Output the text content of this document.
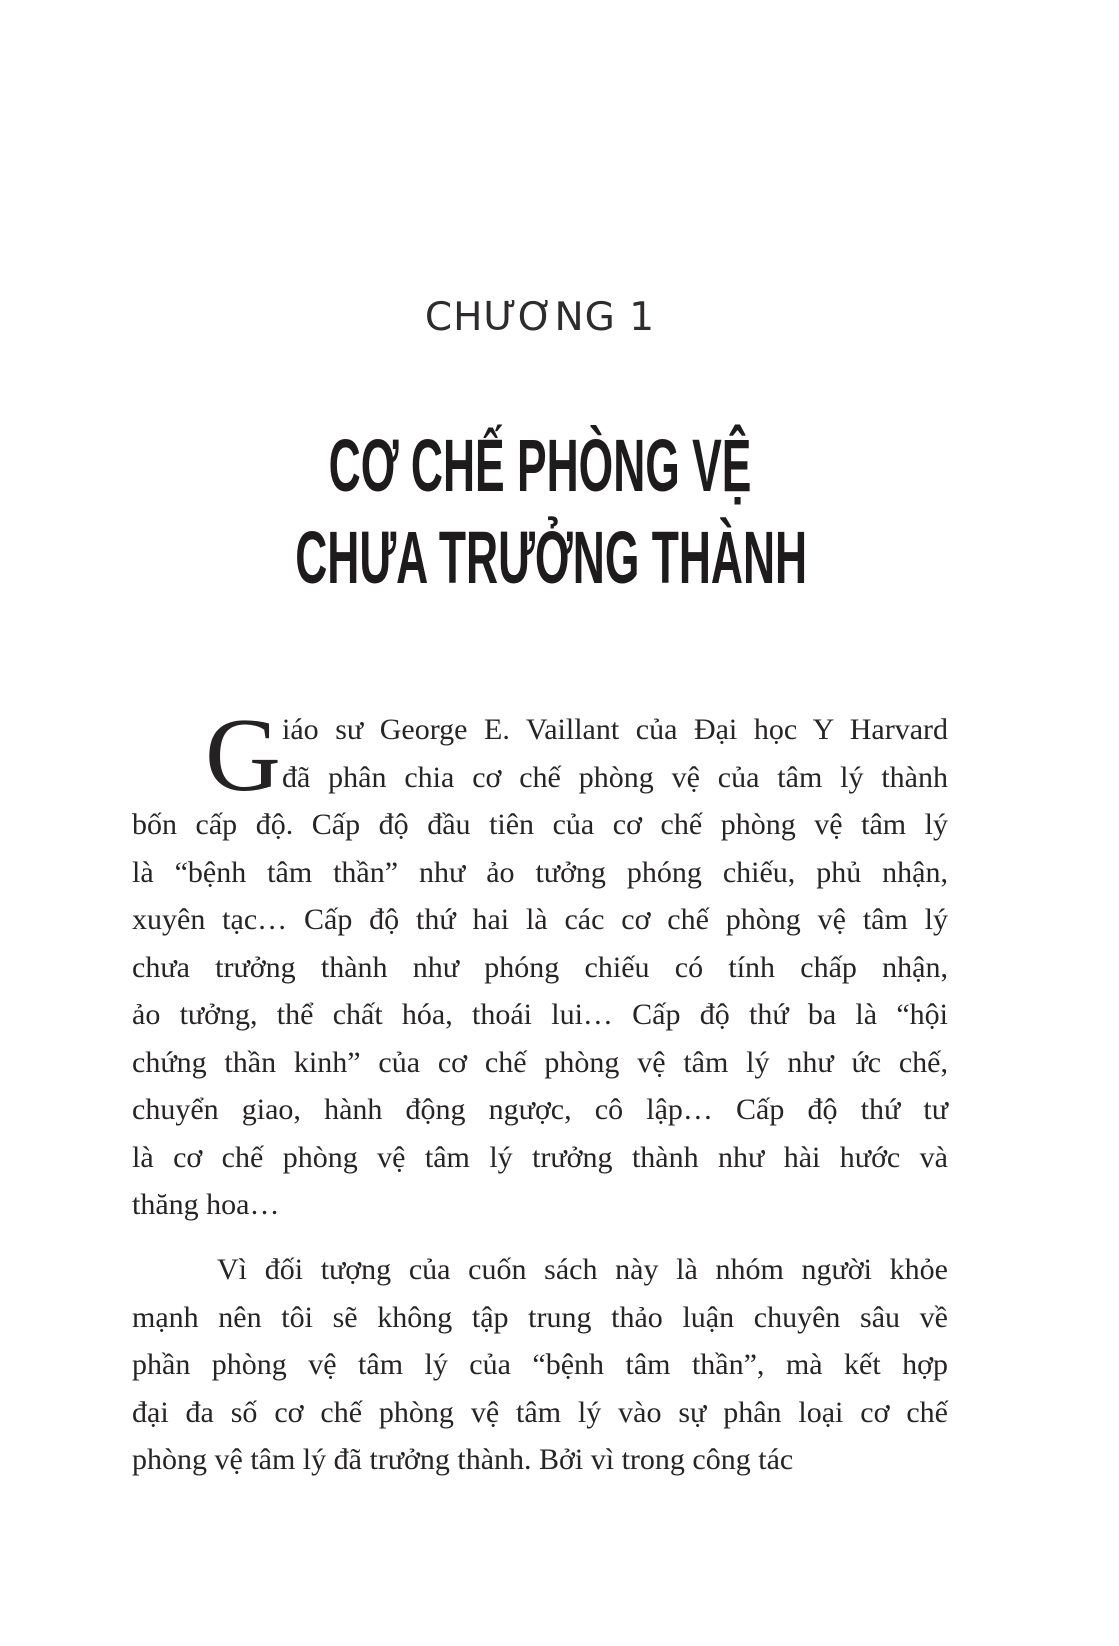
CHƯƠNG 1
CƠ CHẾ PHÒNG VỆ
CHƯA TRƯỞNG THÀNH
G iáo sư George E. Vaillant của Đại học Y Harvard
đã phân chia cơ chế phòng vệ của tâm lý thành
bốn cấp độ. Cấp độ đầu tiên của cơ chế phòng vệ tâm lý
là “bệnh tâm thần” như ảo tưởng phóng chiếu, phủ nhận,
xuyên tạc… Cấp độ thứ hai là các cơ chế phòng vệ tâm lý
chưa trưởng thành như phóng chiếu có tính chấp nhận,
ảo tưởng, thể chất hóa, thoái lui… Cấp độ thứ ba là “hội
chứng thần kinh” của cơ chế phòng vệ tâm lý như ức chế,
chuyển giao, hành động ngược, cô lập… Cấp độ thứ tư
là cơ chế phòng vệ tâm lý trưởng thành như hài hước và
thăng hoa…
Vì đối tượng của cuốn sách này là nhóm người khỏe
mạnh nên tôi sẽ không tập trung thảo luận chuyên sâu về
phần phòng vệ tâm lý của “bệnh tâm thần”, mà kết hợp
đại đa số cơ chế phòng vệ tâm lý vào sự phân loại cơ chế
phòng vệ tâm lý đã trưởng thành. Bởi vì trong công tác
